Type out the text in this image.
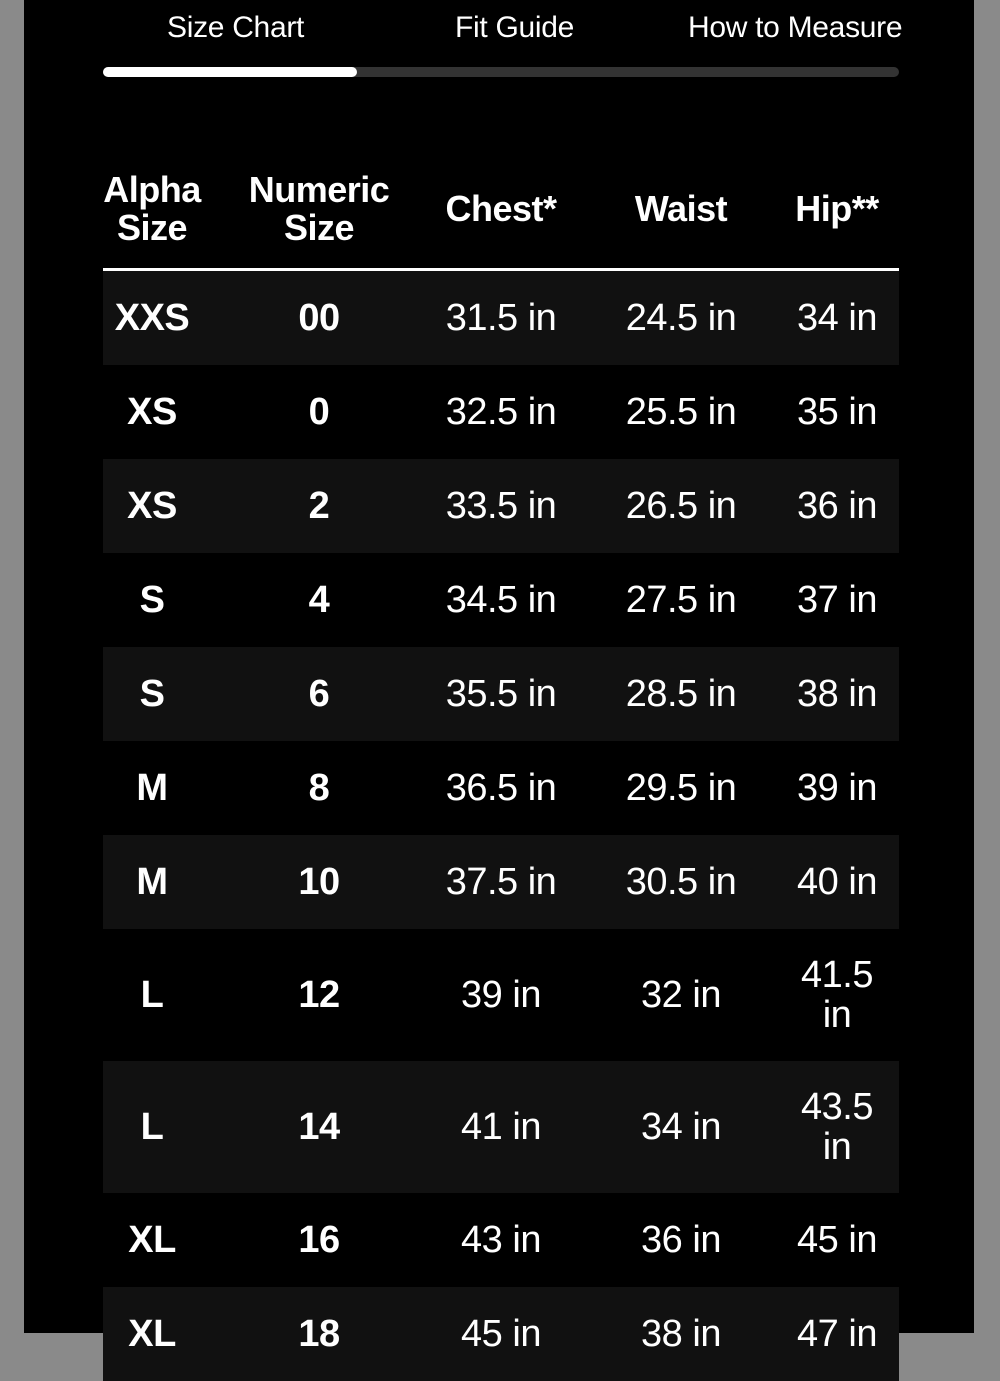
Size Chart	Fit Guide	How to Measure
Alpha
Size
Numeric
Size	Chest*	Waist	Hip**
XXS	00	31.5 in 24.5 in 34 in
XS	0	32.5 in 25.5 in 35 in
XS	2	33.5 in 26.5 in 36 in
S	4	34.5 in 27.5 in 37 in
S	6	35.5 in 28.5 in 38 in
M	8	36.5 in 29.5 in 39 in
M	10	37.5 in 30.5 in 40 in
L	12	39 in	32 in	41.5 in
L	14	41 in	34 in	43.5 in
XL	16	43 in	36 in 45 in
XL	18	45 in	38 in 47 in
